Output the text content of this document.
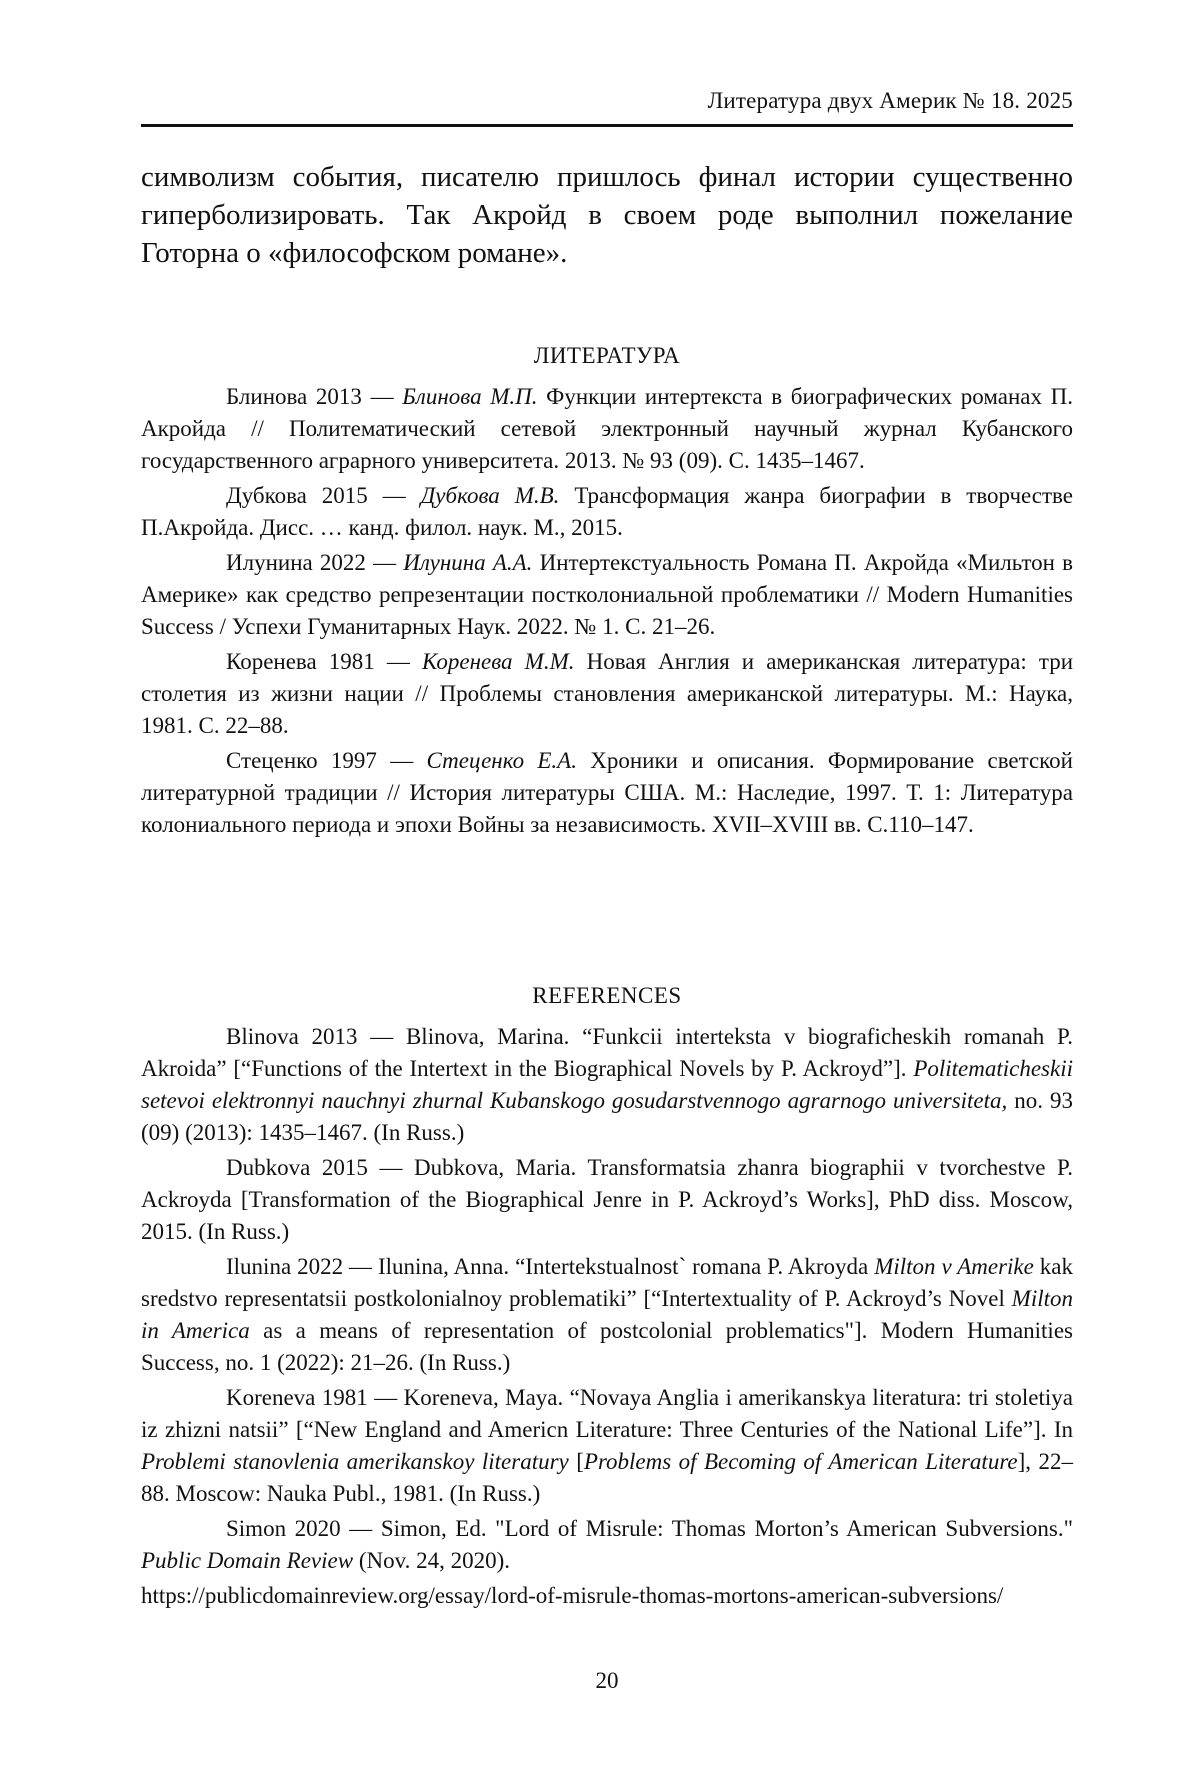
Литература двух Америк № 18. 2025
символизм события, писателю пришлось финал истории существенно гиперболизировать. Так Акройд в своем роде выполнил пожелание Готорна о «философском романе».
ЛИТЕРАТУРА

Блинова 2013 — Блинова М.П. Функции интертекста в биографических романах П. Акройда // Политематический сетевой электронный научный журнал Кубанского государственного аграрного университета. 2013. № 93 (09). С. 1435–1467.

Дубкова 2015 — Дубкова М.В. Трансформация жанра биографии в творчестве П.Акройда. Дисс. … канд. филол. наук. М., 2015.

Илунина 2022 — Илунина А.А. Интертекстуальность Романа П. Акройда «Мильтон в Америке» как средство репрезентации постколониальной проблематики // Modern Humanities Success / Успехи Гуманитарных Наук. 2022. № 1. С. 21–26.

Коренева 1981 — Коренева М.М. Новая Англия и американская литература: три столетия из жизни нации // Проблемы становления американской литературы. М.: Наука, 1981. С. 22–88.

Стеценко 1997 — Стеценко Е.А. Хроники и описания. Формирование светской литературной традиции // История литературы США. М.: Наследие, 1997. Т. 1: Литература колониального периода и эпохи Войны за независимость. XVII–XVIII вв. С.110–147.

REFERENCES

Blinova 2013 — Blinova, Marina. “Funkcii interteksta v biograficheskih romanah P. Akroida” [“Functions of the Intertext in the Biographical Novels by P. Ackroyd”]. Politematicheskii setevoi elektronnyi nauchnyi zhurnal Kubanskogo gosudarstvennogo agrarnogo universiteta, no. 93 (09) (2013): 1435–1467. (In Russ.)

Dubkova 2015 — Dubkova, Maria. Transformatsia zhanra biographii v tvorchestve P. Ackroyda [Transformation of the Biographical Jenre in P. Ackroyd’s Works], PhD diss. Moscow, 2015. (In Russ.)

Ilunina 2022 — Ilunina, Anna. “Intertekstualnost` romana P. Akroyda Milton v Amerike kak sredstvo representatsii postkolonialnoy problematiki” [“Intertextuality of P. Ackroyd’s Novel Milton in America as a means of representation of postcolonial problematics"]. Modern Humanities Success, no. 1 (2022): 21–26. (In Russ.)

Koreneva 1981 — Koreneva, Maya. “Novaya Anglia i amerikanskya literatura: tri stoletiya iz zhizni natsii” [“New England and Americn Literature: Three Centuries of the National Life”]. In Problemi stanovlenia amerikanskoy literatury [Problems of Becoming of American Literature], 22–88. Moscow: Nauka Publ., 1981. (In Russ.)

Simon 2020 — Simon, Ed. "Lord of Misrule: Thomas Morton’s American Subversions." Public Domain Review (Nov. 24, 2020).

https://publicdomainreview.org/essay/lord-of-misrule-thomas-mortons-american-subversions/

20
